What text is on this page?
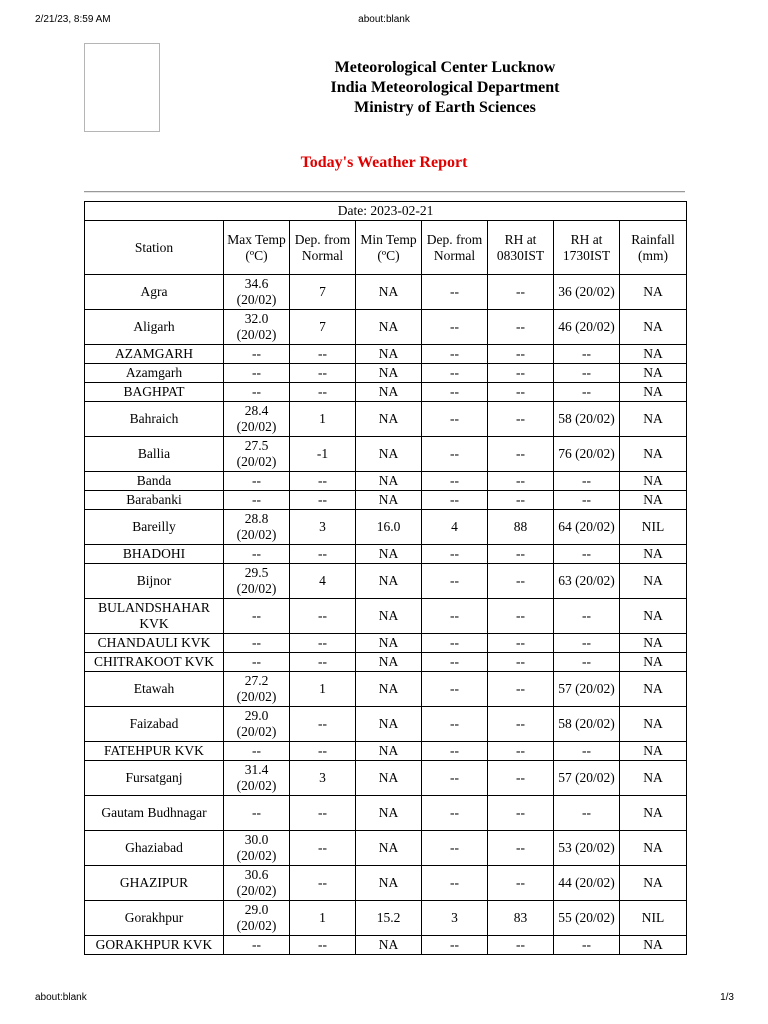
2/21/23, 8:59 AM	about:blank
Meteorological Center Lucknow
India Meteorological Department
Ministry of Earth Sciences
Today's Weather Report
Date: 2023-02-21							
Station	Max Temp (ºC)	Dep. from Normal	Min Temp (ºC)	Dep. from Normal	RH at 0830IST	RH at 1730IST	Rainfall (mm)
Agra	34.6 (20/02)	7	NA	--	--	36 (20/02)	NA
Aligarh	32.0 (20/02)	7	NA	--	--	46 (20/02)	NA
AZAMGARH	--	--	NA	--	--	--	NA
Azamgarh	--	--	NA	--	--	--	NA
BAGHPAT	--	--	NA	--	--	--	NA
Bahraich	28.4 (20/02)	1	NA	--	--	58 (20/02)	NA
Ballia	27.5 (20/02)	-1	NA	--	--	76 (20/02)	NA
Banda	--	--	NA	--	--	--	NA
Barabanki	--	--	NA	--	--	--	NA
Bareilly	28.8 (20/02)	3	16.0	4	88	64 (20/02)	NIL
BHADOHI	--	--	NA	--	--	--	NA
Bijnor	29.5 (20/02)	4	NA	--	--	63 (20/02)	NA
BULANDSHAHAR KVK	--	--	NA	--	--	--	NA
CHANDAULI KVK	--	--	NA	--	--	--	NA
CHITRAKOOT KVK	--	--	NA	--	--	--	NA
Etawah	27.2 (20/02)	1	NA	--	--	57 (20/02)	NA
Faizabad	29.0 (20/02)	--	NA	--	--	58 (20/02)	NA
FATEHPUR KVK	--	--	NA	--	--	--	NA
Fursatganj	31.4 (20/02)	3	NA	--	--	57 (20/02)	NA
Gautam Budhnagar	--	--	NA	--	--	--	NA
Ghaziabad	30.0 (20/02)	--	NA	--	--	53 (20/02)	NA
GHAZIPUR	30.6 (20/02)	--	NA	--	--	44 (20/02)	NA
Gorakhpur	29.0 (20/02)	1	15.2	3	83	55 (20/02)	NIL
GORAKHPUR KVK	--	--	NA	--	--	--	NA
about:blank	1/3
